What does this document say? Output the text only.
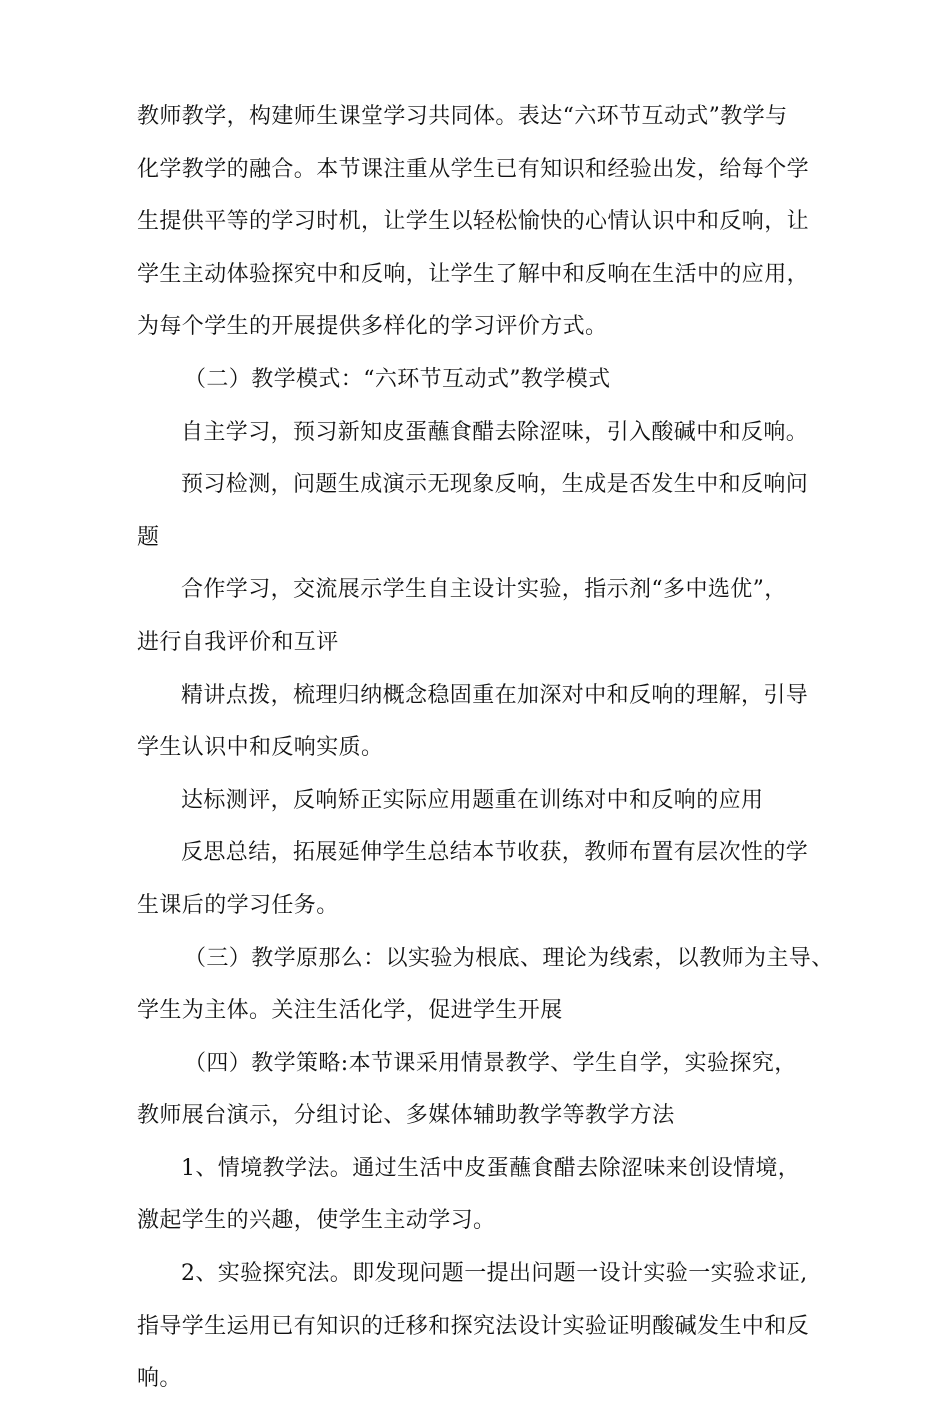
教师教学，构建师生课堂学习共同体。表达“六环节互动式”教学与
化学教学的融合。本节课注重从学生已有知识和经验出发，给每个学
生提供平等的学习时机，让学生以轻松愉快的心情认识中和反响，让
学生主动体验探究中和反响，让学生了解中和反响在生活中的应用，
为每个学生的开展提供多样化的学习评价方式。
（二）教学模式：“六环节互动式”教学模式
自主学习，预习新知皮蛋蘸食醋去除涩味，引入酸碱中和反响。
预习检测，问题生成演示无现象反响，生成是否发生中和反响问
题
合作学习，交流展示学生自主设计实验，指示剂“多中选优”，
进行自我评价和互评
精讲点拨，梳理归纳概念稳固重在加深对中和反响的理解，引导
学生认识中和反响实质。
达标测评，反响矫正实际应用题重在训练对中和反响的应用
反思总结，拓展延伸学生总结本节收获，教师布置有层次性的学
生课后的学习任务。
（三）教学原那么：以实验为根底、理论为线索，以教师为主导、
学生为主体。关注生活化学，促进学生开展
（四）教学策略:本节课采用情景教学、学生自学，实验探究，
教师展台演示，分组讨论、多媒体辅助教学等教学方法
1、情境教学法。通过生活中皮蛋蘸食醋去除涩味来创设情境，
激起学生的兴趣，使学生主动学习。
2、实验探究法。即发现问题一提出问题一设计实验一实验求证,
指导学生运用已有知识的迁移和探究法设计实验证明酸碱发生中和反
响。
